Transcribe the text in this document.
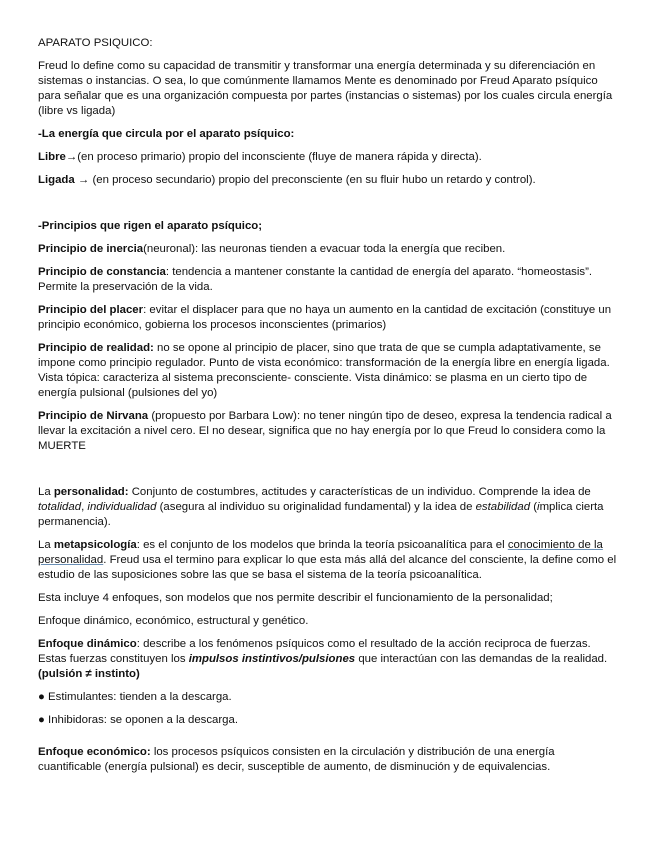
APARATO PSIQUICO:

Freud lo define como su capacidad de transmitir y transformar una energía determinada y su diferenciación en sistemas o instancias. O sea, lo que comúnmente llamamos Mente es denominado por Freud Aparato psíquico para señalar que es una organización compuesta por partes (instancias o sistemas) por los cuales circula energía (libre vs ligada)

-La energía que circula por el aparato psíquico:

Libre→(en proceso primario) propio del inconsciente (fluye de manera rápida y directa).

Ligada → (en proceso secundario) propio del preconsciente (en su fluir hubo un retardo y control).

-Principios que rigen el aparato psíquico;

Principio de inercia(neuronal): las neuronas tienden a evacuar toda la energía que reciben.

Principio de constancia: tendencia a mantener constante la cantidad de energía del aparato. “homeostasis”. Permite la preservación de la vida.

Principio del placer: evitar el displacer para que no haya un aumento en la cantidad de excitación (constituye un principio económico, gobierna los procesos inconscientes (primarios)

Principio de realidad: no se opone al principio de placer, sino que trata de que se cumpla adaptativamente, se impone como principio regulador. Punto de vista económico: transformación de la energía libre en energía ligada. Vista tópica: caracteriza al sistema preconsciente- consciente. Vista dinámico: se plasma en un cierto tipo de energía pulsional (pulsiones del yo)

Principio de Nirvana (propuesto por Barbara Low): no tener ningún tipo de deseo, expresa la tendencia radical a llevar la excitación a nivel cero. El no desear, significa que no hay energía por lo que Freud lo considera como la MUERTE

La personalidad: Conjunto de costumbres, actitudes y características de un individuo. Comprende la idea de totalidad, individualidad (asegura al individuo su originalidad fundamental) y la idea de estabilidad (implica cierta permanencia).

La metapsicología: es el conjunto de los modelos que brinda la teoría psicoanalítica para el conocimiento de la personalidad. Freud usa el termino para explicar lo que esta más allá del alcance del consciente, la define como el estudio de las suposiciones sobre las que se basa el sistema de la teoría psicoanalítica.

Esta incluye 4 enfoques, son modelos que nos permite describir el funcionamiento de la personalidad;

Enfoque dinámico, económico, estructural y genético.

Enfoque dinámico: describe a los fenómenos psíquicos como el resultado de la acción reciproca de fuerzas. Estas fuerzas constituyen los impulsos instintivos/pulsiones que interactúan con las demandas de la realidad. (pulsión ≠ instinto)

● Estimulantes: tienden a la descarga.

● Inhibidoras: se oponen a la descarga.

Enfoque económico: los procesos psíquicos consisten en la circulación y distribución de una energía cuantificable (energía pulsional) es decir, susceptible de aumento, de disminución y de equivalencias.
